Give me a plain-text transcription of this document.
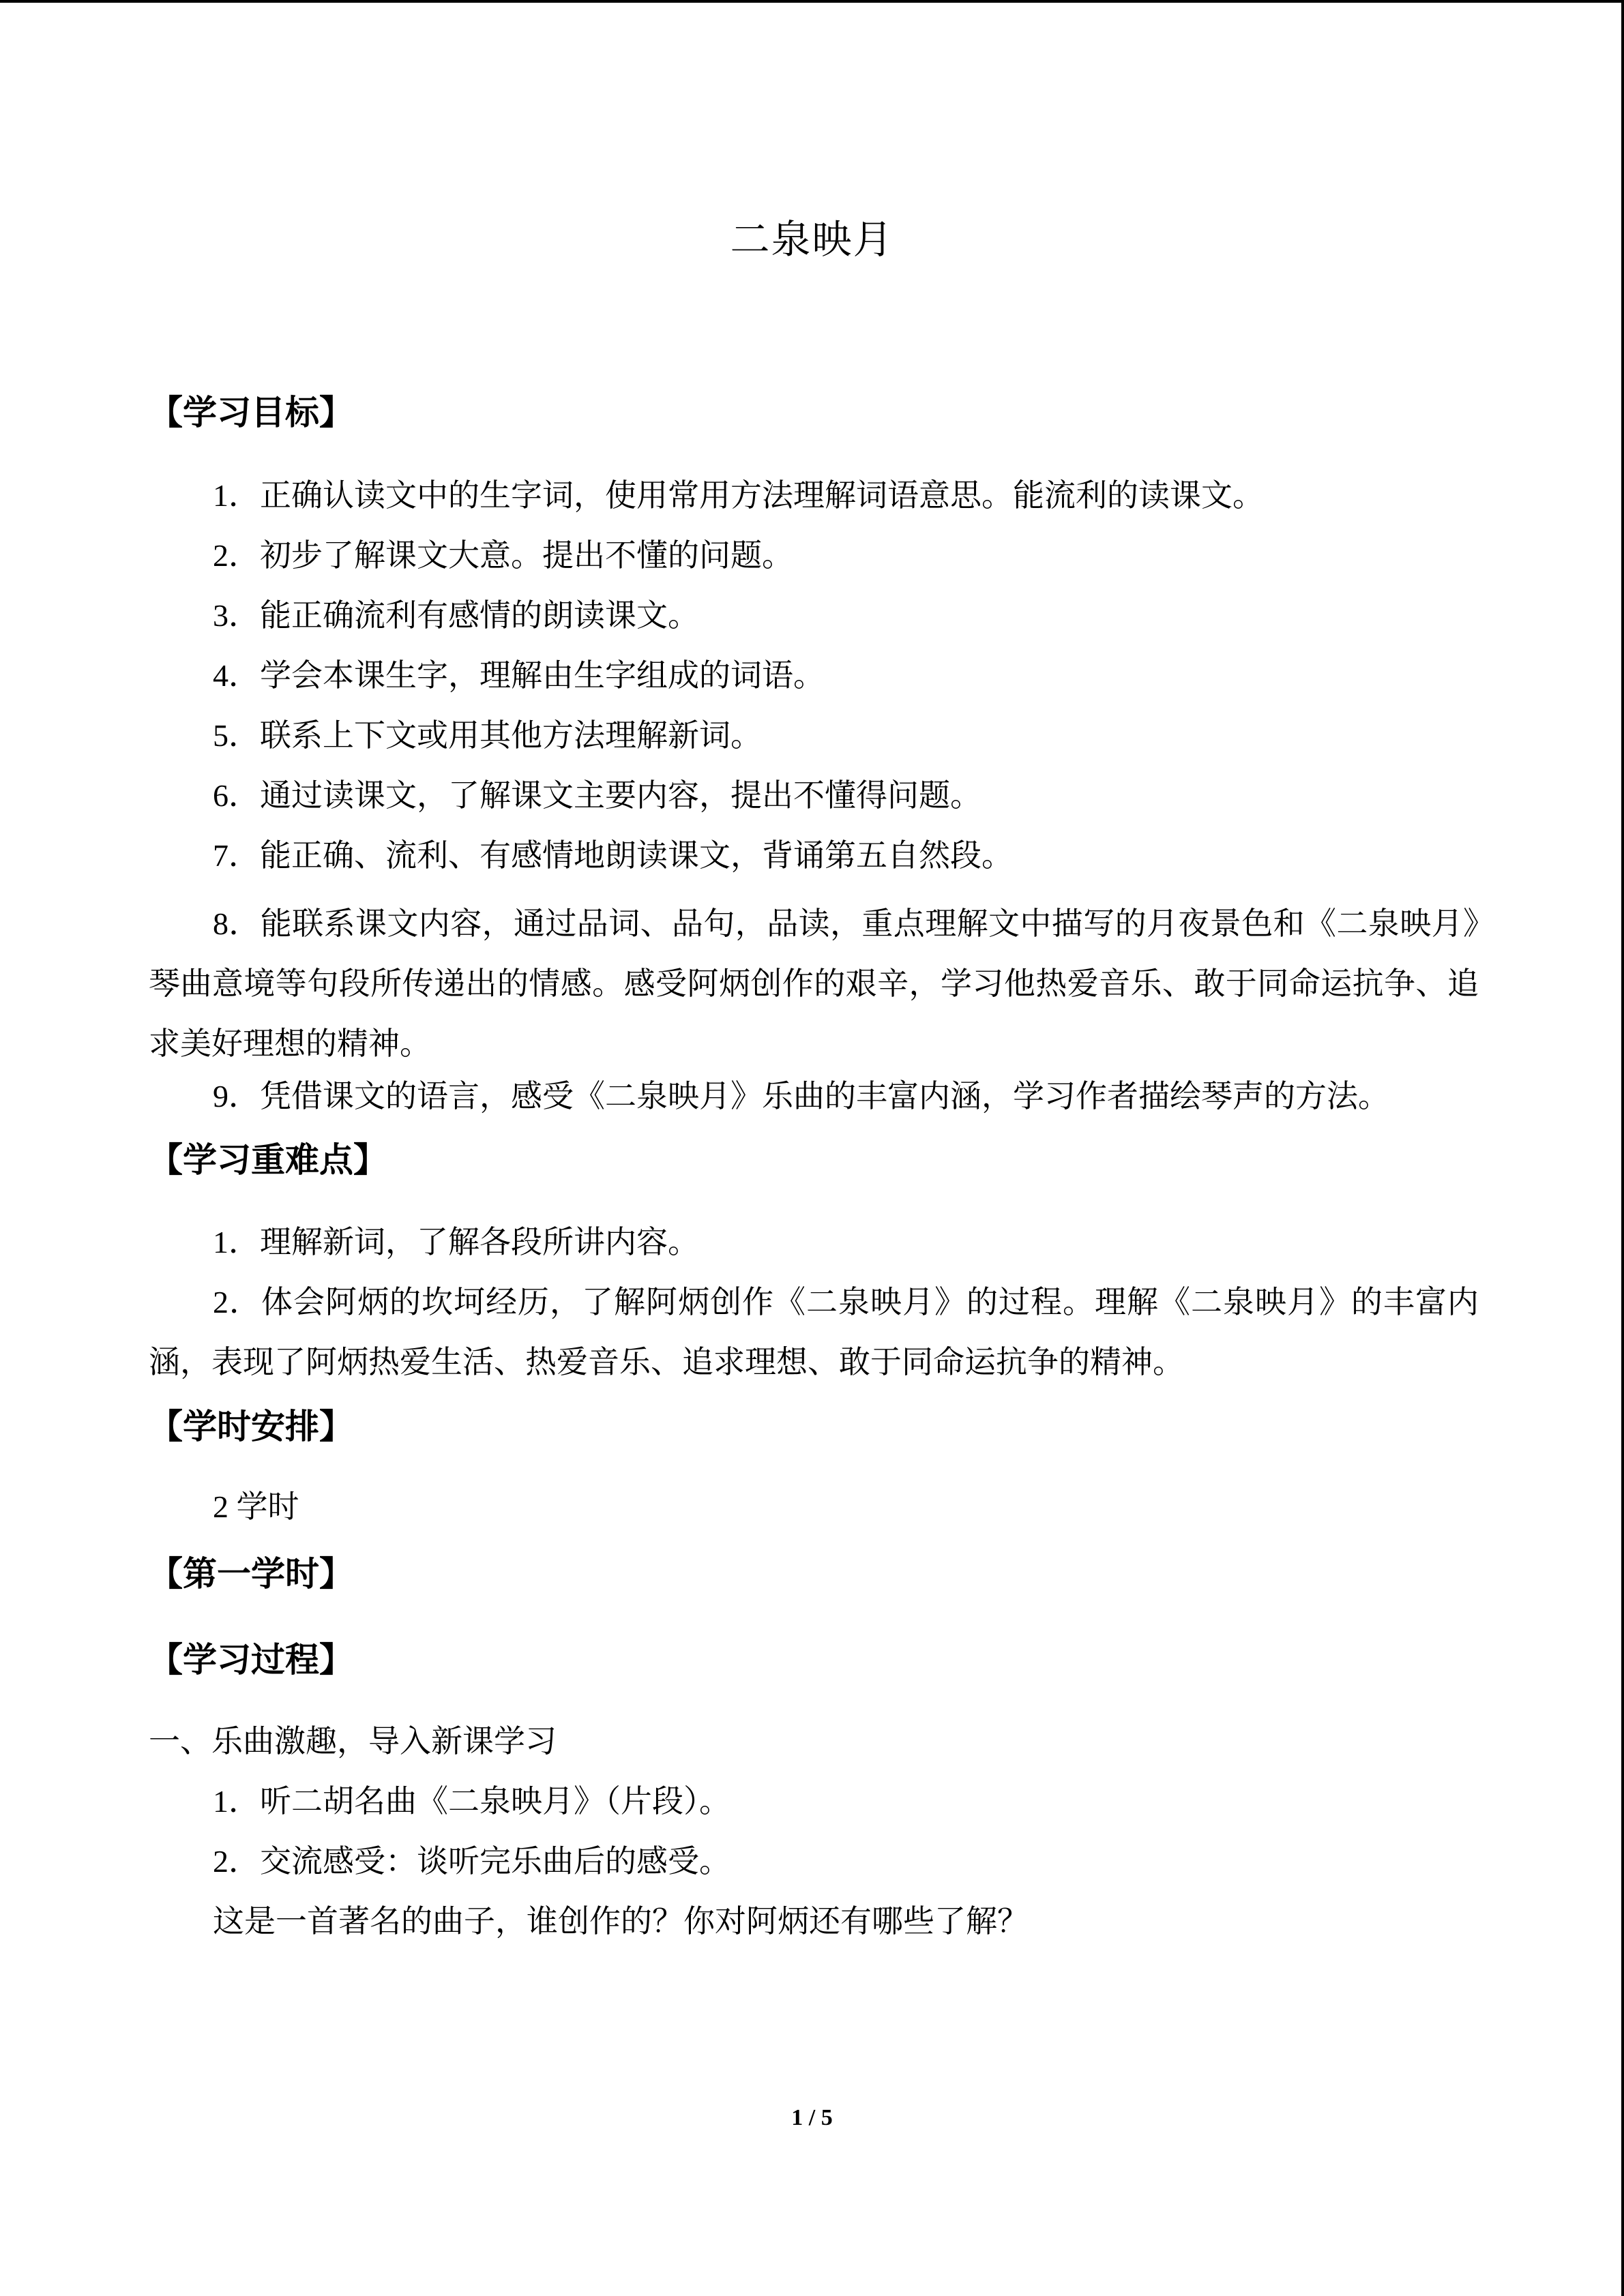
二泉映月
【学习目标】
1．正确认读文中的生字词，使用常用方法理解词语意思。能流利的读课文。
2．初步了解课文大意。提出不懂的问题。
3．能正确流利有感情的朗读课文。
4．学会本课生字，理解由生字组成的词语。
5．联系上下文或用其他方法理解新词。
6．通过读课文，了解课文主要内容，提出不懂得问题。
7．能正确、流利、有感情地朗读课文，背诵第五自然段。
8．能联系课文内容，通过品词、品句，品读，重点理解文中描写的月夜景色和《二泉映月》琴曲意境等句段所传递出的情感。感受阿炳创作的艰辛，学习他热爱音乐、敢于同命运抗争、追求美好理想的精神。
9．凭借课文的语言，感受《二泉映月》乐曲的丰富内涵，学习作者描绘琴声的方法。
【学习重难点】
1．理解新词，了解各段所讲内容。
2．体会阿炳的坎坷经历，了解阿炳创作《二泉映月》的过程。理解《二泉映月》的丰富内涵，表现了阿炳热爱生活、热爱音乐、追求理想、敢于同命运抗争的精神。
【学时安排】
2 学时
【第一学时】
【学习过程】
一、乐曲激趣，导入新课学习
1．听二胡名曲《二泉映月》（片段）。
2．交流感受：谈听完乐曲后的感受。
这是一首著名的曲子，谁创作的？你对阿炳还有哪些了解？
1 / 5
